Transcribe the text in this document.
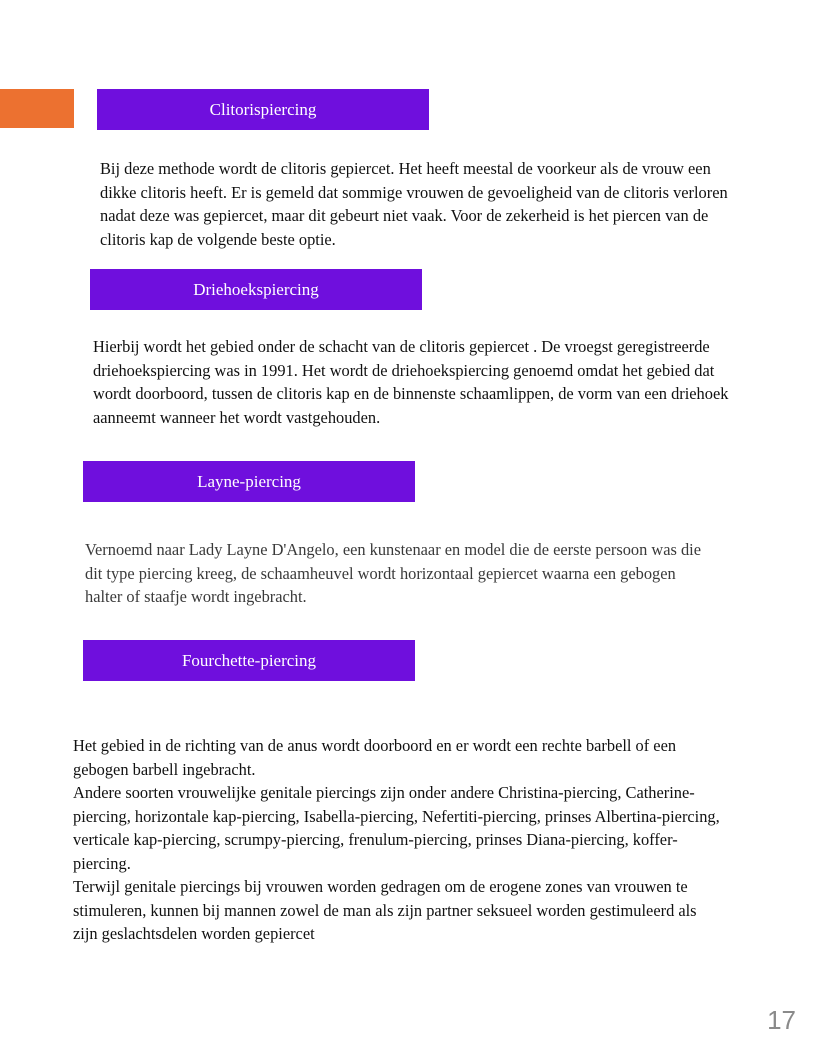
Clitorispiercing
Bij deze methode wordt de clitoris gepiercet. Het heeft meestal de voorkeur als de vrouw een dikke clitoris heeft. Er is gemeld dat sommige vrouwen de gevoeligheid van de clitoris verloren nadat deze was gepiercet, maar dit gebeurt niet vaak. Voor de zekerheid is het piercen van de clitoris kap de volgende beste optie.
Driehoekspiercing
Hierbij wordt het gebied onder de schacht van de clitoris gepiercet . De vroegst geregistreerde driehoekspiercing was in 1991. Het wordt de driehoekspiercing genoemd omdat het gebied dat wordt doorboord, tussen de clitoris kap en de binnenste schaamlippen, de vorm van een driehoek aanneemt wanneer het wordt vastgehouden.
Layne-piercing
Vernoemd naar Lady Layne D'Angelo, een kunstenaar en model die de eerste persoon was die dit type piercing kreeg, de schaamheuvel wordt horizontaal gepiercet waarna een gebogen halter of staafje wordt ingebracht.
Fourchette-piercing

Het gebied in de richting van de anus wordt doorboord en er wordt een rechte barbell of een gebogen barbell ingebracht.

Andere soorten vrouwelijke genitale piercings zijn onder andere Christina-piercing, Catherine-piercing, horizontale kap-piercing, Isabella-piercing, Nefertiti-piercing, prinses Albertina-piercing, verticale kap-piercing, scrumpy-piercing, frenulum-piercing, prinses Diana-piercing, koffer-piercing.

Terwijl genitale piercings bij vrouwen worden gedragen om de erogene zones van vrouwen te stimuleren, kunnen bij mannen zowel de man als zijn partner seksueel worden gestimuleerd als zijn geslachtsdelen worden gepiercet

17
